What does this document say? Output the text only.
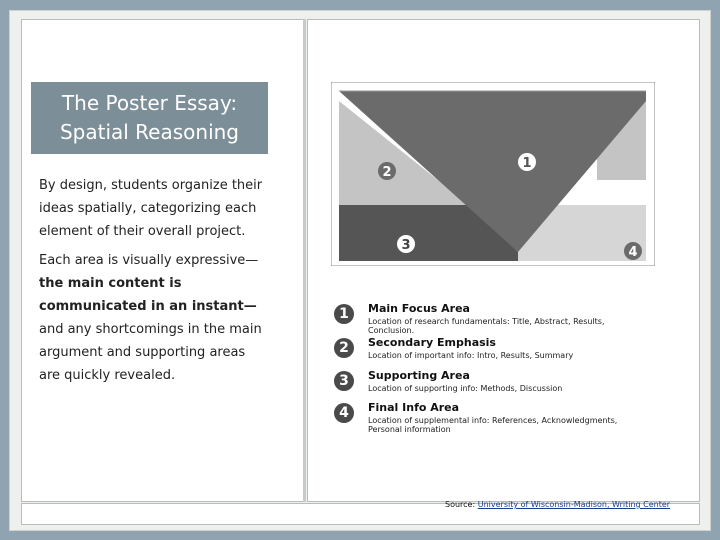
The Poster Essay:
Spatial Reasoning
By design, students organize their
ideas spatially, categorizing each
element of their overall project.
Each area is visually expressive—
the main content is
communicated in an instant—
and any shortcomings in the main
argument and supporting areas
are quickly revealed.
1
2
3	4
1	Main Focus Area
Location of research fundamentals: Title, Abstract, Results, Conclusion.
2	Secondary Emphasis
Location of important info: Intro, Results, Summary
3	Supporting Area
Location of supporting info: Methods, Discussion
4	Final Info Area
Location of supplemental info: References, Acknowledgments, Personal information
Source: University of Wisconsin-Madison, Writing Center
